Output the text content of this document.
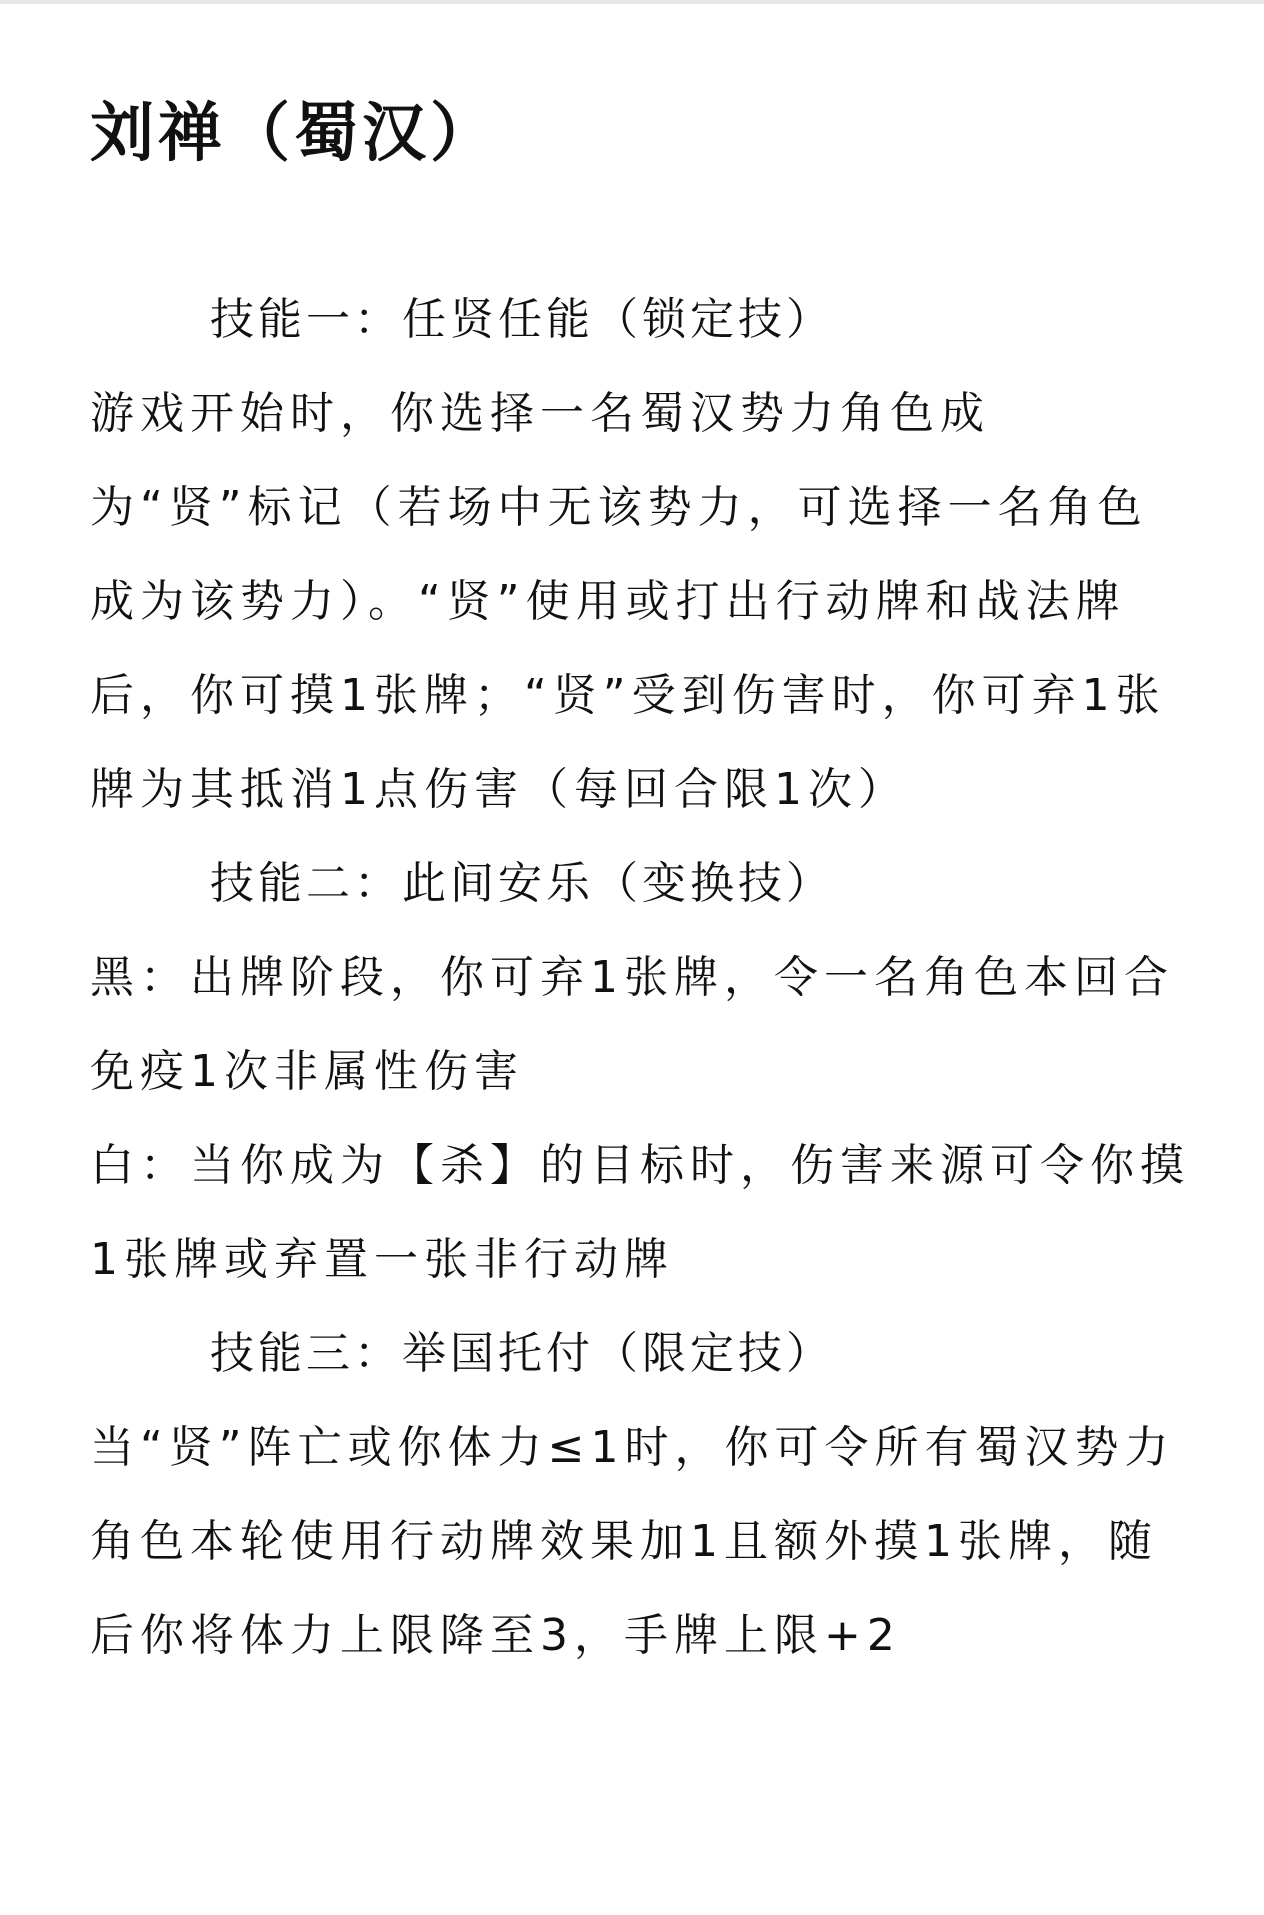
刘禅（蜀汉）

技能一：任贤任能（锁定技）

游戏开始时，你选择一名蜀汉势力角色成为“贤”标记（若场中无该势力，可选择一名角色成为该势力）。“贤”使用或打出行动牌和战法牌后，你可摸1张牌；“贤”受到伤害时，你可弃1张牌为其抵消1点伤害（每回合限1次）

技能二：此间安乐（变换技）

黑：出牌阶段，你可弃1张牌，令一名角色本回合免疫1次非属性伤害

白：当你成为【杀】的目标时，伤害来源可令你摸1张牌或弃置一张非行动牌

技能三：举国托付（限定技）

当“贤”阵亡或你体力≤1时，你可令所有蜀汉势力角色本轮使用行动牌效果加1且额外摸1张牌，随后你将体力上限降至3，手牌上限+2
